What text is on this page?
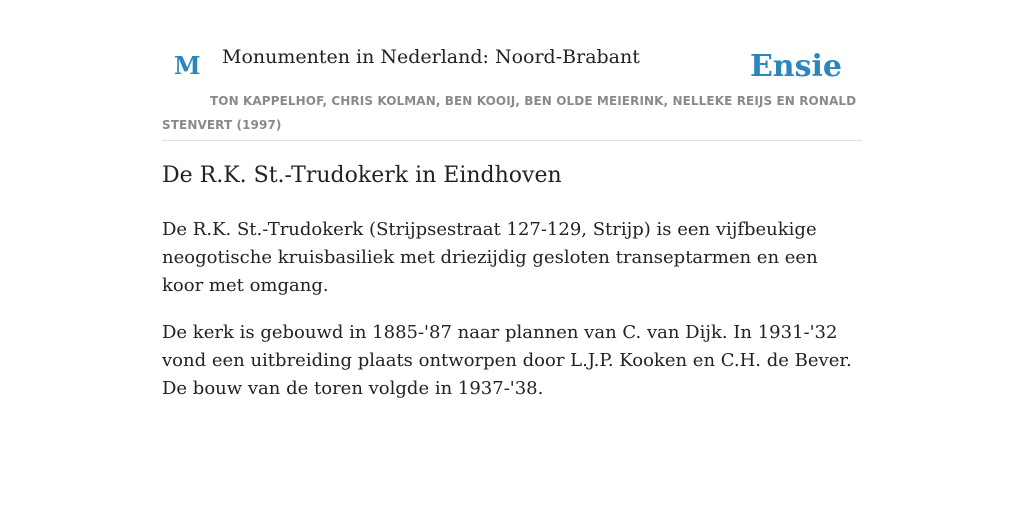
M Monumenten in Nederland: Noord-Brabant	Ensie
TON KAPPELHOF, CHRIS KOLMAN, BEN KOOIJ, BEN OLDE MEIERINK, NELLEKE REIJS EN RONALD STENVERT (1997)
De R.K. St.-Trudokerk in Eindhoven

De R.K. St.-Trudokerk (Strijpsestraat 127-129, Strijp) is een vijfbeukige neogotische kruisbasiliek met driezijdig gesloten transeptarmen en een koor met omgang.

De kerk is gebouwd in 1885-'87 naar plannen van C. van Dijk. In 1931-'32 vond een uitbreiding plaats ontworpen door L.J.P. Kooken en C.H. de Bever. De bouw van de toren volgde in 1937-'38.
